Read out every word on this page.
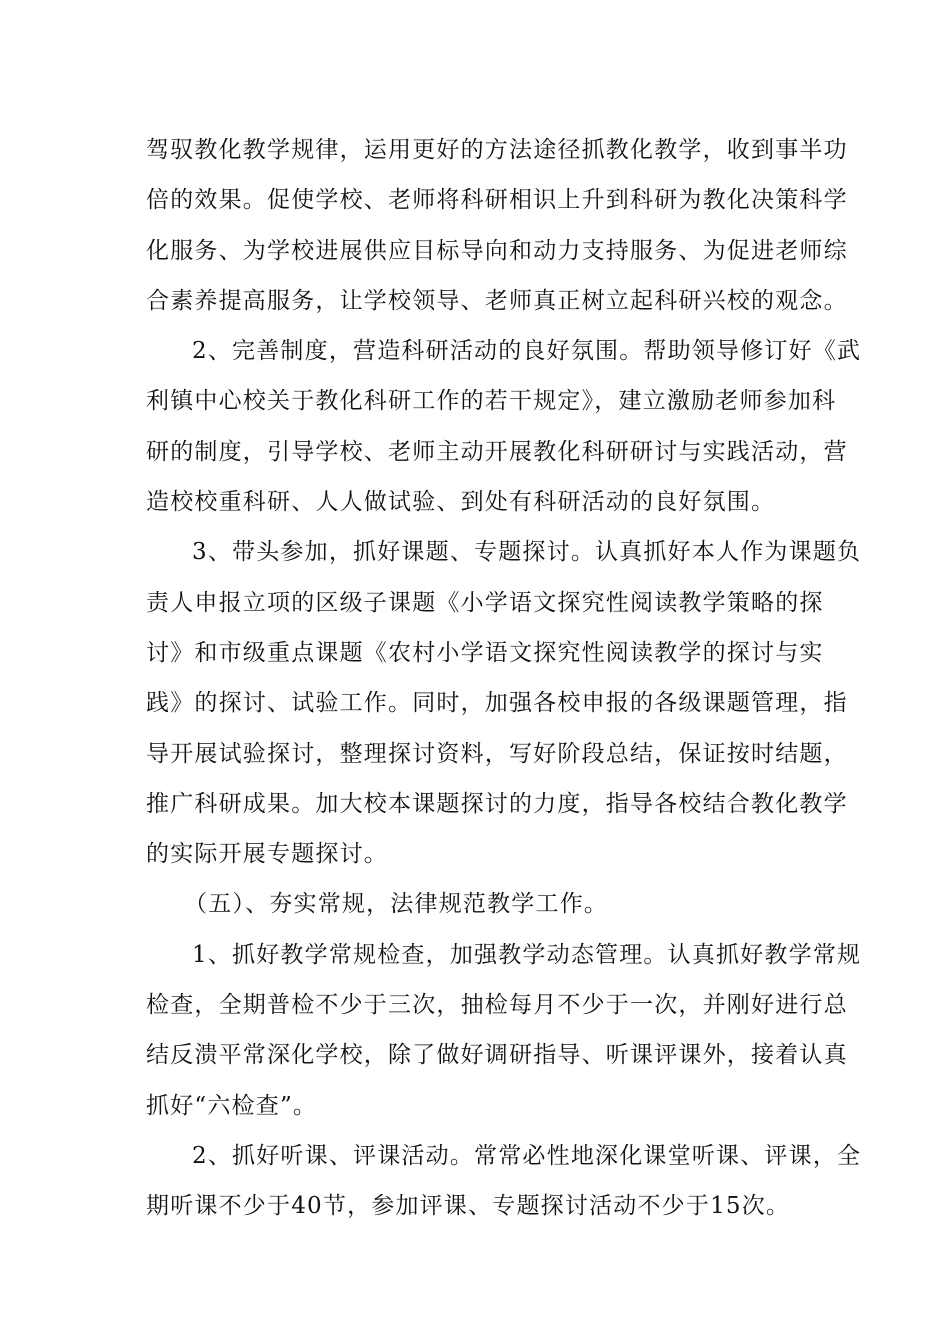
驾驭教化教学规律，运用更好的方法途径抓教化教学，收到事半功
倍的效果。促使学校、老师将科研相识上升到科研为教化决策科学
化服务、为学校进展供应目标导向和动力支持服务、为促进老师综
合素养提高服务，让学校领导、老师真正树立起科研兴校的观念。
2、完善制度，营造科研活动的良好氛围。帮助领导修订好《武
利镇中心校关于教化科研工作的若干规定》，建立激励老师参加科
研的制度，引导学校、老师主动开展教化科研研讨与实践活动，营
造校校重科研、人人做试验、到处有科研活动的良好氛围。
3、带头参加，抓好课题、专题探讨。认真抓好本人作为课题负
责人申报立项的区级子课题《小学语文探究性阅读教学策略的探
讨》和市级重点课题《农村小学语文探究性阅读教学的探讨与实
践》的探讨、试验工作。同时，加强各校申报的各级课题管理，指
导开展试验探讨，整理探讨资料，写好阶段总结，保证按时结题，
推广科研成果。加大校本课题探讨的力度，指导各校结合教化教学
的实际开展专题探讨。
（五）、夯实常规，法律规范教学工作。
1、抓好教学常规检查，加强教学动态管理。认真抓好教学常规
检查，全期普检不少于三次，抽检每月不少于一次，并刚好进行总
结反溃平常深化学校，除了做好调研指导、听课评课外，接着认真
抓好“六检查”。
2、抓好听课、评课活动。常常必性地深化课堂听课、评课，全
期听课不少于40节，参加评课、专题探讨活动不少于15次。
